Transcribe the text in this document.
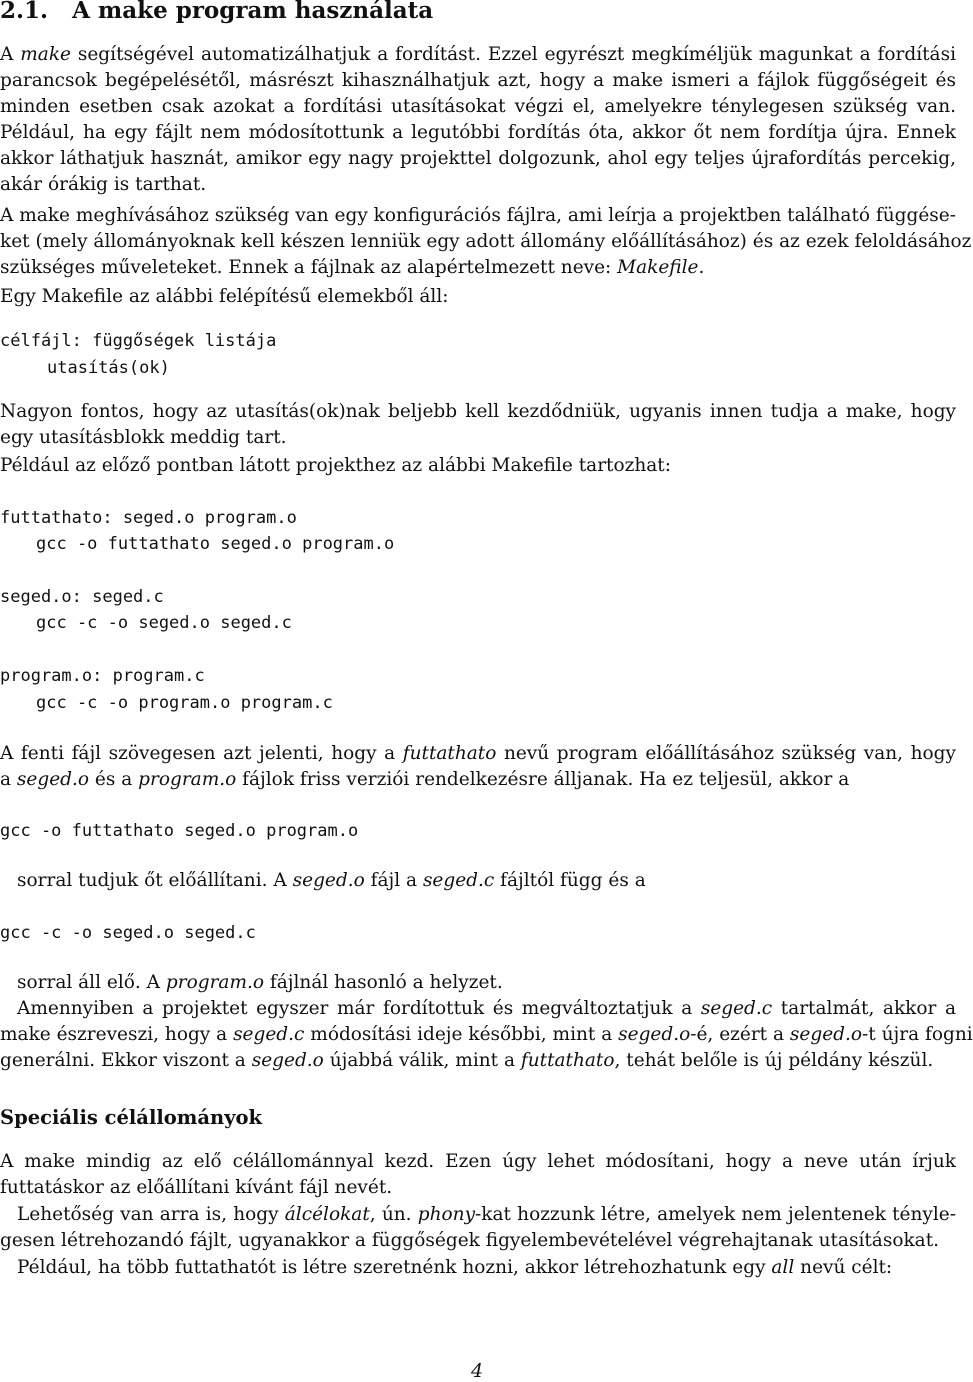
2.1. A make program használata
A make segítségével automatizálhatjuk a fordítást. Ezzel egyrészt megkíméljük magunkat a fordítási
parancsok begépelésétől, másrészt kihasználhatjuk azt, hogy a make ismeri a fájlok függőségeit és
minden esetben csak azokat a fordítási utasításokat végzi el, amelyekre ténylegesen szükség van.
Például, ha egy fájlt nem módosítottunk a legutóbbi fordítás óta, akkor őt nem fordítja újra. Ennek
akkor láthatjuk hasznát, amikor egy nagy projekttel dolgozunk, ahol egy teljes újrafordítás percekig,
akár órákig is tarthat.
A make meghívásához szükség van egy konfigurációs fájlra, ami leírja a projektben található függése-
ket (mely állományoknak kell készen lenniük egy adott állomány előállításához) és az ezek feloldásához
szükséges műveleteket. Ennek a fájlnak az alapértelmezett neve: Makefile.
Egy Makefile az alábbi felépítésű elemekből áll:
célfájl: függőségek listája
utasítás(ok)
Nagyon fontos, hogy az utasítás(ok)nak beljebb kell kezdődniük, ugyanis innen tudja a make, hogy
egy utasításblokk meddig tart.
Például az előző pontban látott projekthez az alábbi Makefile tartozhat:
futtathato: seged.o program.o
gcc -o futtathato seged.o program.o
seged.o: seged.c
gcc -c -o seged.o seged.c
program.o: program.c
gcc -c -o program.o program.c
A fenti fájl szövegesen azt jelenti, hogy a futtathato nevű program előállításához szükség van, hogy
a seged.o és a program.o fájlok friss verziói rendelkezésre álljanak. Ha ez teljesül, akkor a
gcc -o futtathato seged.o program.o
sorral tudjuk őt előállítani. A seged.o fájl a seged.c fájltól függ és a
gcc -c -o seged.o seged.c
sorral áll elő. A program.o fájlnál hasonló a helyzet.
Amennyiben a projektet egyszer már fordítottuk és megváltoztatjuk a seged.c tartalmát, akkor a
make észreveszi, hogy a seged.c módosítási ideje későbbi, mint a seged.o-é, ezért a seged.o-t újra fogni
generálni. Ekkor viszont a seged.o újabbá válik, mint a futtathato, tehát belőle is új példány készül.
Speciális célállományok
A make mindig az elő célállománnyal kezd. Ezen úgy lehet módosítani, hogy a neve után írjuk
futtatáskor az előállítani kívánt fájl nevét.
Lehetőség van arra is, hogy álcélokat, ún. phony-kat hozzunk létre, amelyek nem jelentenek tényle-
gesen létrehozandó fájlt, ugyanakkor a függőségek figyelembevételével végrehajtanak utasításokat.
Például, ha több futtathatót is létre szeretnénk hozni, akkor létrehozhatunk egy all nevű célt:
4
